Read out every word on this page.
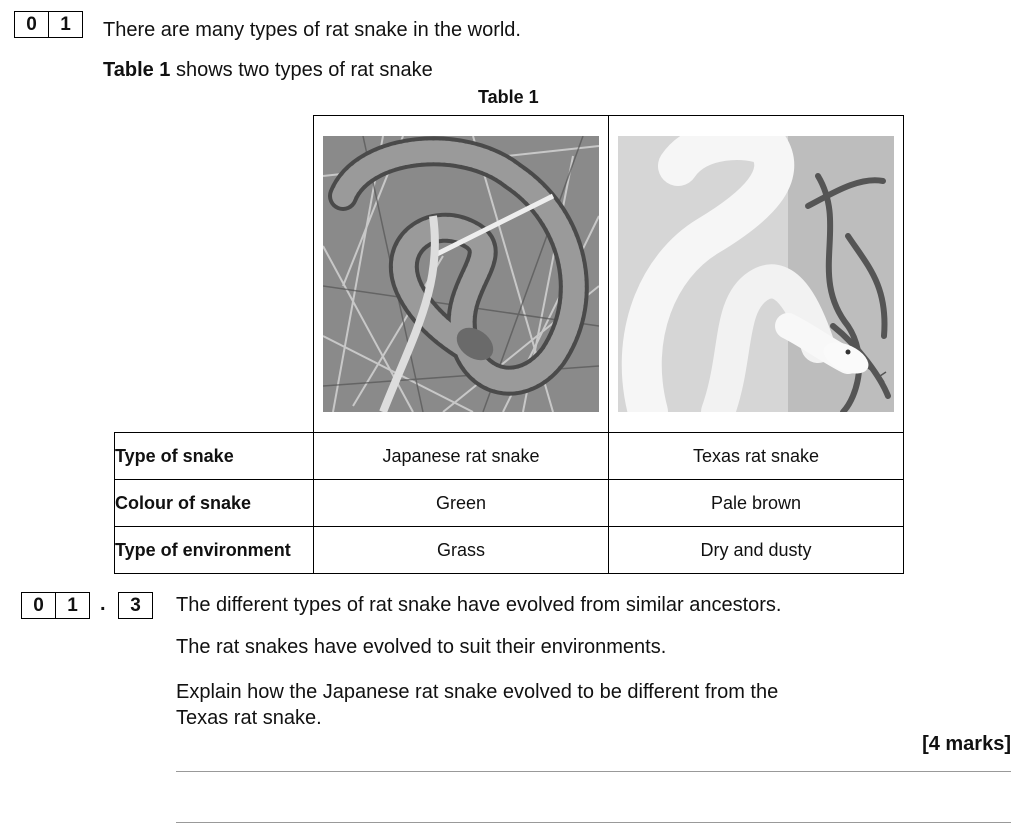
0	1	There are many types of rat snake in the world.
Table 1 shows two types of rat snake
Table 1

Type of snake	Japanese rat snake	Texas rat snake
Colour of snake	Green	Pale brown
Type of environment	Grass	Dry and dusty
0	1	.	3	The different types of rat snake have evolved from similar ancestors.
The rat snakes have evolved to suit their environments.
Explain how the Japanese rat snake evolved to be different from the
Texas rat snake.
[4 marks]
